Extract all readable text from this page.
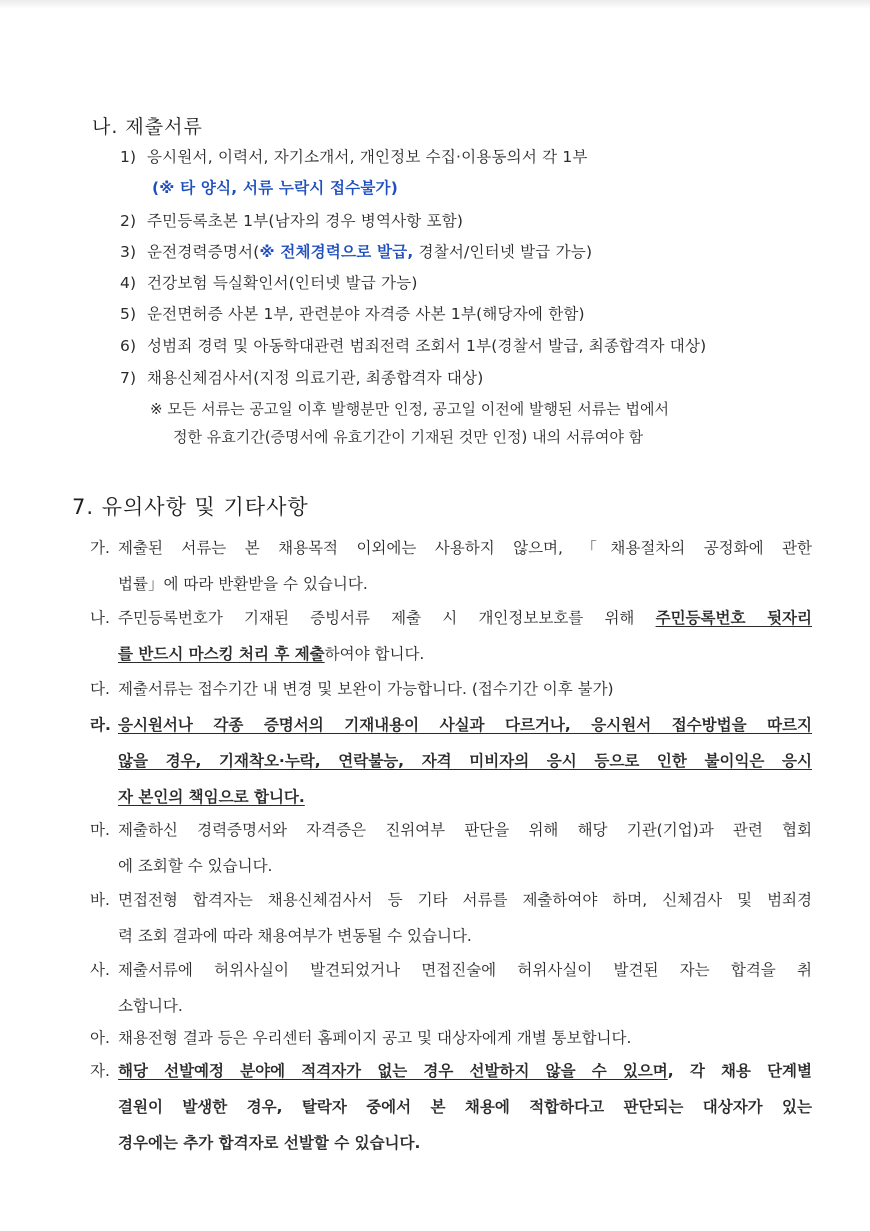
나. 제출서류
1) 응시원서, 이력서, 자기소개서, 개인정보 수집·이용동의서 각 1부
(※ 타 양식, 서류 누락시 접수불가)
2) 주민등록초본 1부(남자의 경우 병역사항 포함)
3) 운전경력증명서(※ 전체경력으로 발급, 경찰서/인터넷 발급 가능)
4) 건강보험 득실확인서(인터넷 발급 가능)
5) 운전면허증 사본 1부, 관련분야 자격증 사본 1부(해당자에 한함)
6) 성범죄 경력 및 아동학대관련 범죄전력 조회서 1부(경찰서 발급, 최종합격자 대상)
7) 채용신체검사서(지정 의료기관, 최종합격자 대상)
※ 모든 서류는 공고일 이후 발행분만 인정, 공고일 이전에 발행된 서류는 법에서
정한 유효기간(증명서에 유효기간이 기재된 것만 인정) 내의 서류여야 함
7. 유의사항 및 기타사항
가. 제출된 서류는 본 채용목적 이외에는 사용하지 않으며, 「채용절차의 공정화에 관한
법률」에 따라 반환받을 수 있습니다.
나. 주민등록번호가 기재된 증빙서류 제출 시 개인정보보호를 위해 주민등록번호 뒷자리
를 반드시 마스킹 처리 후 제출하여야 합니다.
다. 제출서류는 접수기간 내 변경 및 보완이 가능합니다. (접수기간 이후 불가)
라. 응시원서나 각종 증명서의 기재내용이 사실과 다르거나, 응시원서 접수방법을 따르지
않을 경우, 기재착오·누락, 연락불능, 자격 미비자의 응시 등으로 인한 불이익은 응시
자 본인의 책임으로 합니다.
마. 제출하신 경력증명서와 자격증은 진위여부 판단을 위해 해당 기관(기업)과 관련 협회
에 조회할 수 있습니다.
바. 면접전형 합격자는 채용신체검사서 등 기타 서류를 제출하여야 하며, 신체검사 및 범죄경
력 조회 결과에 따라 채용여부가 변동될 수 있습니다.
사. 제출서류에 허위사실이 발견되었거나 면접진술에 허위사실이 발견된 자는 합격을 취
소합니다.
아. 채용전형 결과 등은 우리센터 홈페이지 공고 및 대상자에게 개별 통보합니다.
자. 해당 선발예정 분야에 적격자가 없는 경우 선발하지 않을 수 있으며, 각 채용 단계별
결원이 발생한 경우, 탈락자 중에서 본 채용에 적합하다고 판단되는 대상자가 있는
경우에는 추가 합격자로 선발할 수 있습니다.
